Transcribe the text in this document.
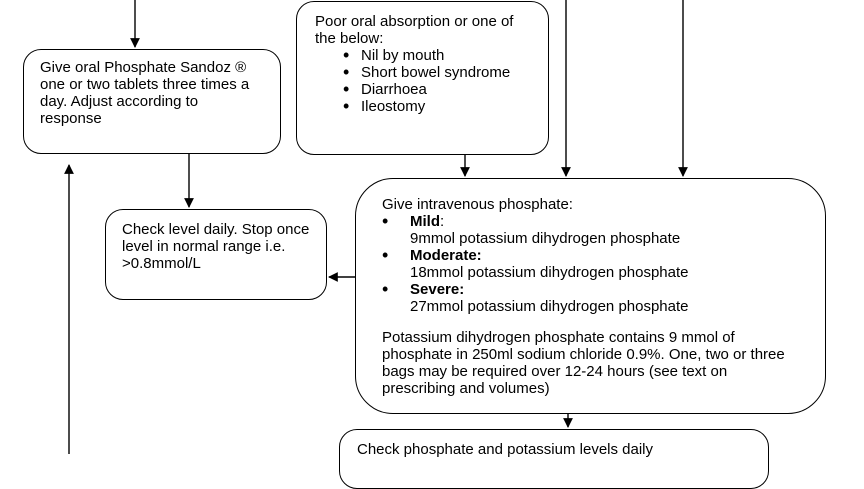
Give oral Phosphate Sandoz ® one or two tablets three times a day. Adjust according to response
Poor oral absorption or one of the below:
• Nil by mouth
• Short bowel syndrome
• Diarrhoea
• Ileostomy
Check level daily. Stop once level in normal range i.e. >0.8mmol/L
Give intravenous phosphate:
• Mild:
9mmol potassium dihydrogen phosphate
• Moderate:
18mmol potassium dihydrogen phosphate
• Severe:
27mmol potassium dihydrogen phosphate
Potassium dihydrogen phosphate contains 9 mmol of phosphate in 250ml sodium chloride 0.9%. One, two or three bags may be required over 12-24 hours (see text on prescribing and volumes)
Check phosphate and potassium levels daily
